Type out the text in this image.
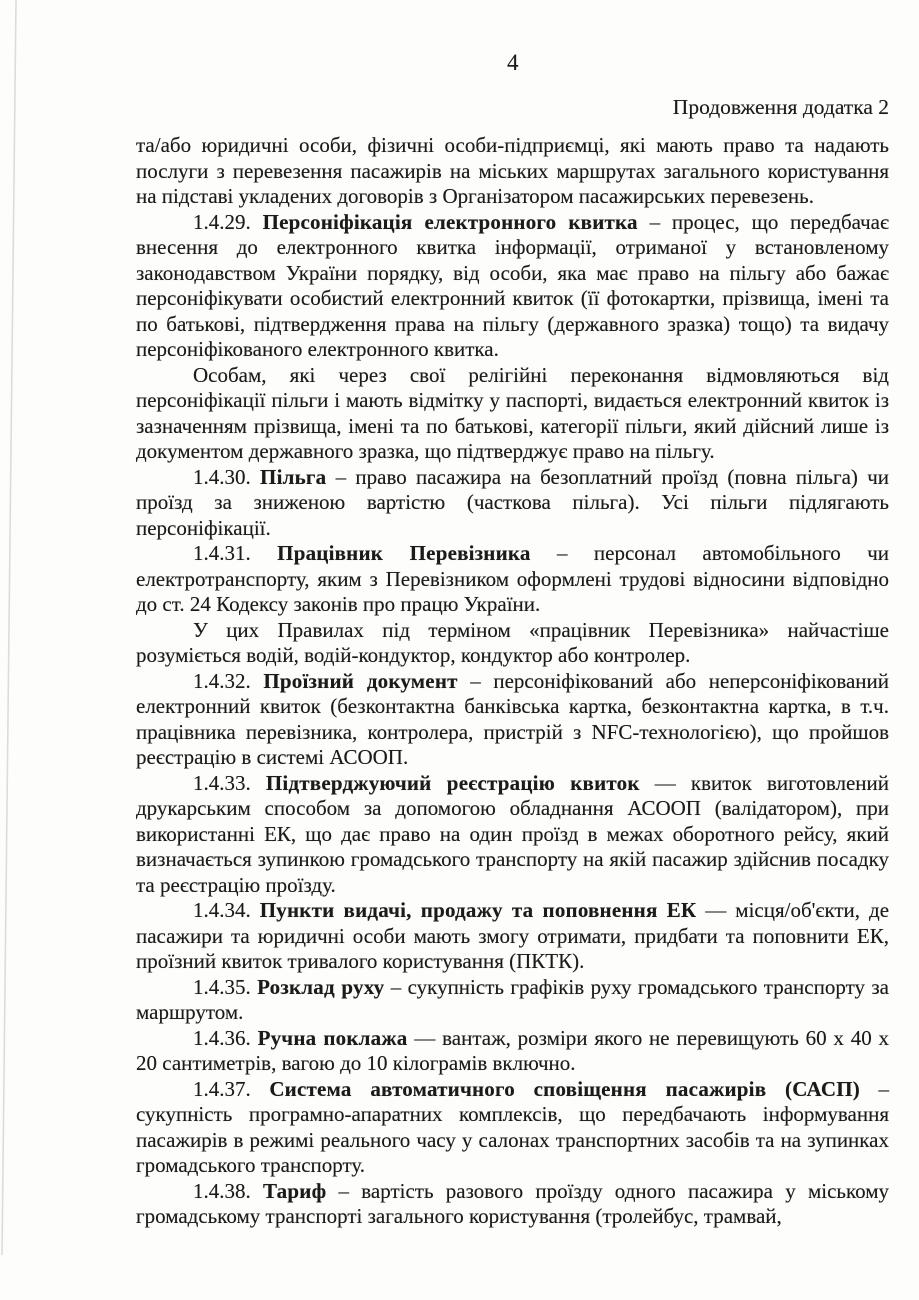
4
Продовження додатка 2

та/або юридичні особи, фізичні особи-підприємці, які мають право та надають послуги з перевезення пасажирів на міських маршрутах загального користування на підставі укладених договорів з Організатором пасажирських перевезень.

1.4.29. Персоніфікація електронного квитка – процес, що передбачає внесення до електронного квитка інформації, отриманої у встановленому законодавством України порядку, від особи, яка має право на пільгу або бажає персоніфікувати особистий електронний квиток (її фотокартки, прізвища, імені та по батькові, підтвердження права на пільгу (державного зразка) тощо) та видачу персоніфікованого електронного квитка.

Особам, які через свої релігійні переконання відмовляються від персоніфікації пільги і мають відмітку у паспорті, видається електронний квиток із зазначенням прізвища, імені та по батькові, категорії пільги, який дійсний лише із документом державного зразка, що підтверджує право на пільгу.

1.4.30. Пільга – право пасажира на безоплатний проїзд (повна пільга) чи проїзд за зниженою вартістю (часткова пільга). Усі пільги підлягають персоніфікації.

1.4.31. Працівник Перевізника – персонал автомобільного чи електротранспорту, яким з Перевізником оформлені трудові відносини відповідно до ст. 24 Кодексу законів про працю України.

У цих Правилах під терміном «працівник Перевізника» найчастіше розуміється водій, водій-кондуктор, кондуктор або контролер.

1.4.32. Проїзний документ – персоніфікований або неперсоніфікований електронний квиток (безконтактна банківська картка, безконтактна картка, в т.ч. працівника перевізника, контролера, пристрій з NFC-технологією), що пройшов реєстрацію в системі АСООП.

1.4.33. Підтверджуючий реєстрацію квиток — квиток виготовлений друкарським способом за допомогою обладнання АСООП (валідатором), при використанні ЕК, що дає право на один проїзд в межах оборотного рейсу, який визначається зупинкою громадського транспорту на якій пасажир здійснив посадку та реєстрацію проїзду.

1.4.34. Пункти видачі, продажу та поповнення ЕК — місця/об'єкти, де пасажири та юридичні особи мають змогу отримати, придбати та поповнити ЕК, проїзний квиток тривалого користування (ПКТК).

1.4.35. Розклад руху – сукупність графіків руху громадського транспорту за маршрутом.

1.4.36. Ручна поклажа — вантаж, розміри якого не перевищують 60 х 40 х 20 сантиметрів, вагою до 10 кілограмів включно.

1.4.37. Система автоматичного сповіщення пасажирів (САСП) – сукупність програмно-апаратних комплексів, що передбачають інформування пасажирів в режимі реального часу у салонах транспортних засобів та на зупинках громадського транспорту.

1.4.38. Тариф – вартість разового проїзду одного пасажира у міському громадському транспорті загального користування (тролейбус, трамвай,
